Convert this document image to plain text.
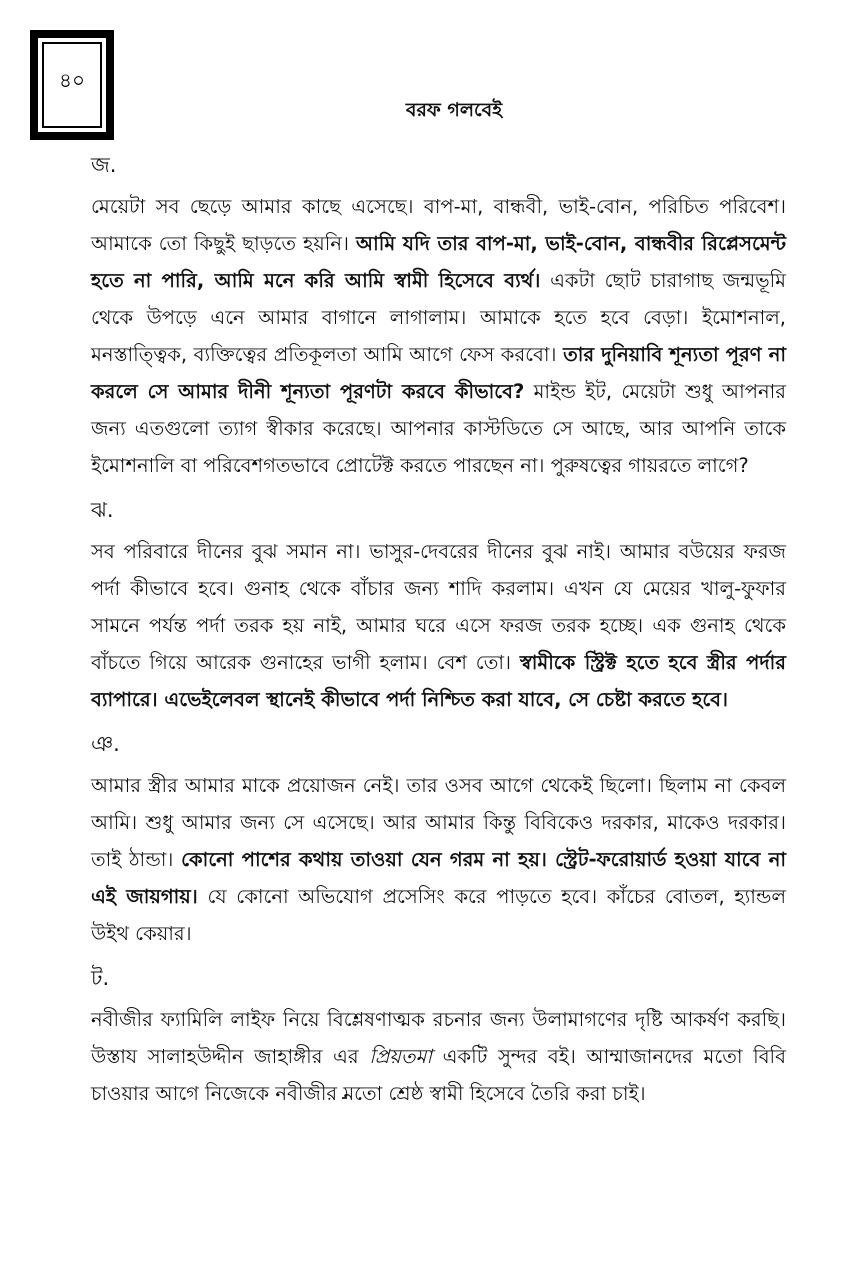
৪০
বরফ গলবেই

জ.

মেয়েটা সব ছেড়ে আমার কাছে এসেছে। বাপ-মা, বান্ধবী, ভাই-বোন, পরিচিত পরিবেশ। আমাকে তো কিছুই ছাড়তে হয়নি। আমি যদি তার বাপ-মা, ভাই-বোন, বান্ধবীর রিপ্লেসমেন্ট হতে না পারি, আমি মনে করি আমি স্বামী হিসেবে ব্যর্থ। একটা ছোট চারাগাছ জন্মভূমি থেকে উপড়ে এনে আমার বাগানে লাগালাম। আমাকে হতে হবে বেড়া। ইমোশনাল, মনস্তাত্ত্বিক, ব্যক্তিত্বের প্রতিকূলতা আমি আগে ফেস করবো। তার দুনিয়াবি শূন্যতা পূরণ না করলে সে আমার দীনী শূন্যতা পূরণটা করবে কীভাবে? মাইন্ড ইট, মেয়েটা শুধু আপনার জন্য এতগুলো ত্যাগ স্বীকার করেছে। আপনার কাস্টডিতে সে আছে, আর আপনি তাকে ইমোশনালি বা পরিবেশগতভাবে প্রোটেক্ট করতে পারছেন না। পুরুষত্বের গায়রতে লাগে?

ঝ.

সব পরিবারে দীনের বুঝ সমান না। ভাসুর-দেবরের দীনের বুঝ নাই। আমার বউয়ের ফরজ পর্দা কীভাবে হবে। গুনাহ থেকে বাঁচার জন্য শাদি করলাম। এখন যে মেয়ের খালু-ফুফার সামনে পর্যন্ত পর্দা তরক হয় নাই, আমার ঘরে এসে ফরজ তরক হচ্ছে। এক গুনাহ থেকে বাঁচতে গিয়ে আরেক গুনাহের ভাগী হলাম। বেশ তো। স্বামীকে স্ট্রিক্ট হতে হবে স্ত্রীর পর্দার ব্যাপারে। এভেইলেবল স্থানেই কীভাবে পর্দা নিশ্চিত করা যাবে, সে চেষ্টা করতে হবে।

ঞ.

আমার স্ত্রীর আমার মাকে প্রয়োজন নেই। তার ওসব আগে থেকেই ছিলো। ছিলাম না কেবল আমি। শুধু আমার জন্য সে এসেছে। আর আমার কিন্তু বিবিকেও দরকার, মাকেও দরকার। তাই ঠান্ডা। কোনো পাশের কথায় তাওয়া যেন গরম না হয়। স্ট্রেট-ফরোয়ার্ড হওয়া যাবে না এই জায়গায়। যে কোনো অভিযোগ প্রসেসিং করে পাড়তে হবে। কাঁচের বোতল, হ্যান্ডল উইথ কেয়ার।

ট.

নবীজীর ফ্যামিলি লাইফ নিয়ে বিশ্লেষণাত্মক রচনার জন্য উলামাগণের দৃষ্টি আকর্ষণ করছি। উস্তায সালাহউদ্দীন জাহাঙ্গীর এর প্রিয়তমা একটি সুন্দর বই। আম্মাজানদের মতো বিবি চাওয়ার আগে নিজেকে নবীজীর মতো শ্রেষ্ঠ স্বামী হিসেবে তৈরি করা চাই।
